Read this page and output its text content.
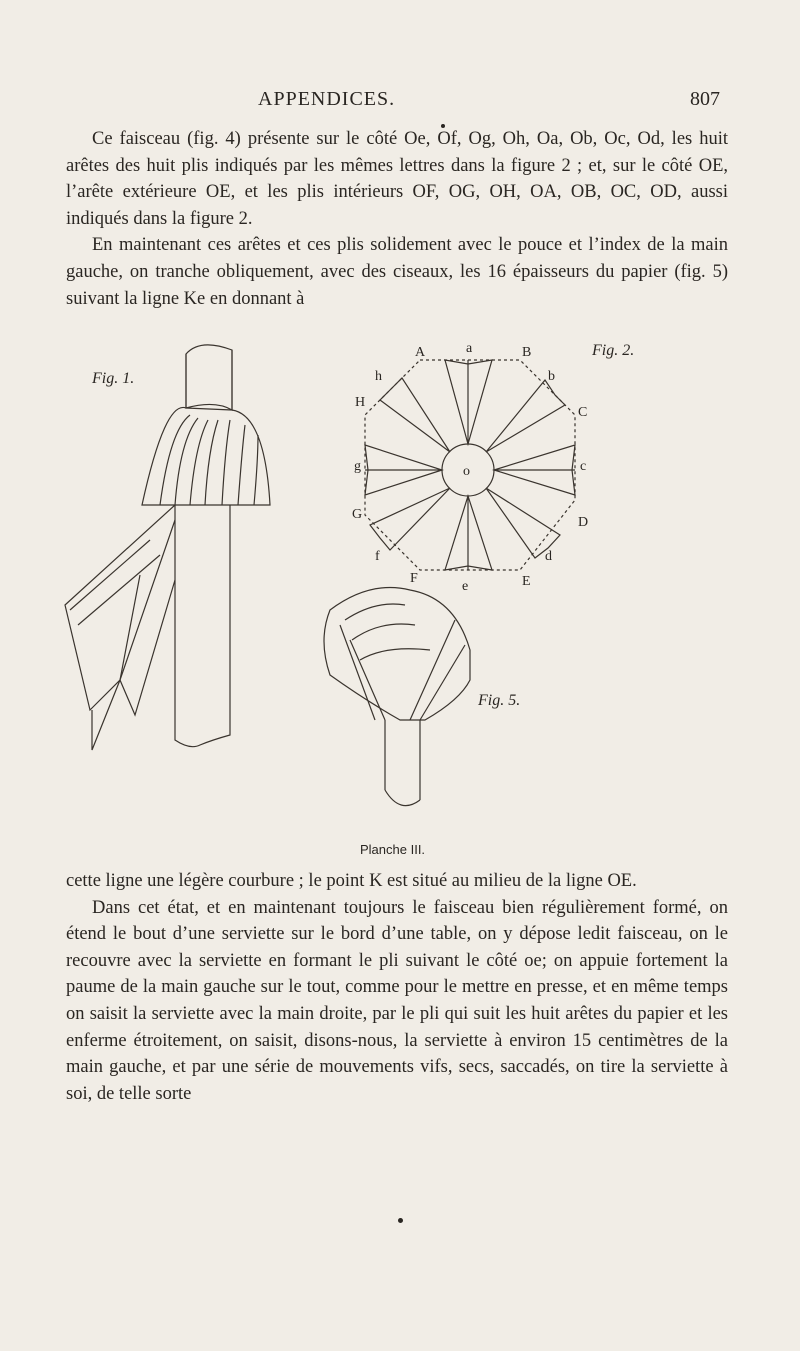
APPENDICES.	807

Ce faisceau (fig. 4) présente sur le côté Oe, Of, Og, Oh, Oa, Ob, Oc, Od, les huit arêtes des huit plis indiqués par les mêmes lettres dans la figure 2 ; et, sur le côté OE, l’arête extérieure OE, et les plis intérieurs OF, OG, OH, OA, OB, OC, OD, aussi indiqués dans la figure 2.

En maintenant ces arêtes et ces plis solidement avec le pouce et l’index de la main gauche, on tranche obliquement, avec des ciseaux, les 16 épaisseurs du papier (fig. 5) suivant la ligne Ke en donnant à

o
A	B
C
D
E
F
G
H
a
b
c
d
e
f
g
h
Fig. 1.
Fig. 2.
Fig. 5.
Planche III.

cette ligne une légère courbure ; le point K est situé au milieu de la ligne OE.

Dans cet état, et en maintenant toujours le faisceau bien régulièrement formé, on étend le bout d’une serviette sur le bord d’une table, on y dépose ledit faisceau, on le recouvre avec la serviette en formant le pli suivant le côté oe; on appuie fortement la paume de la main gauche sur le tout, comme pour le mettre en presse, et en même temps on saisit la serviette avec la main droite, par le pli qui suit les huit arêtes du papier et les enferme étroitement, on saisit, disons-nous, la serviette à environ 15 centimètres de la main gauche, et par une série de mouvements vifs, secs, saccadés, on tire la serviette à soi, de telle sorte
